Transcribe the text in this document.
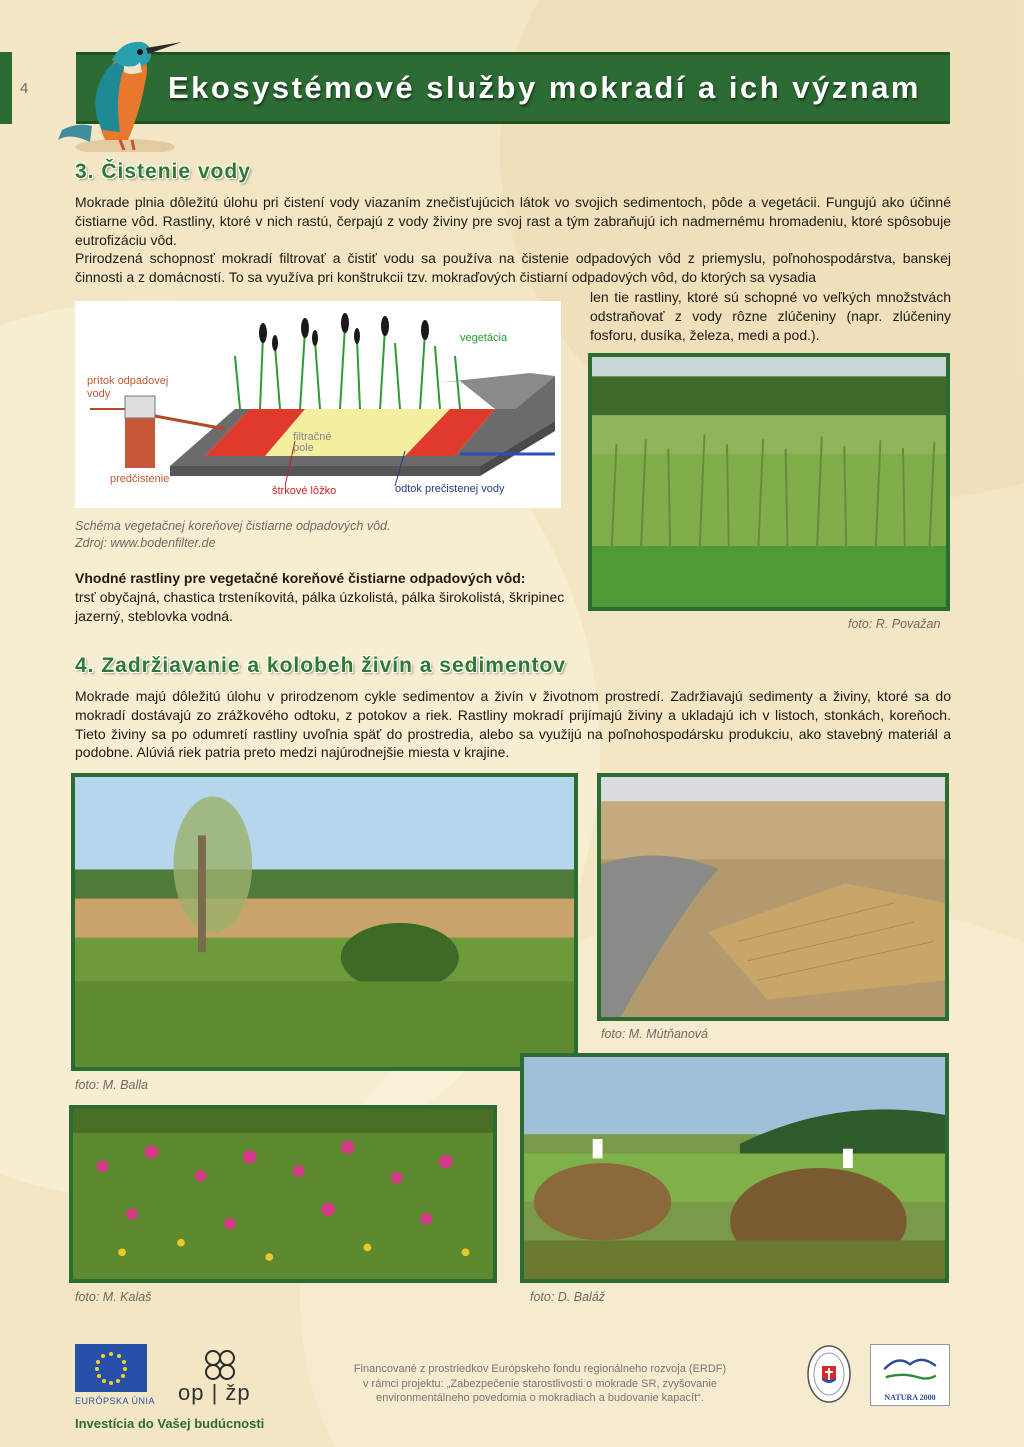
4	Ekosystémové služby mokradí a ich význam
3. Čistenie vody

Mokrade plnia dôležitú úlohu pri čistení vody viazaním znečisťujúcich látok vo svojich sedimentoch, pôde a vegetácii. Fungujú ako účinné čistiarne vôd. Rastliny, ktoré v nich rastú, čerpajú z vody živiny pre svoj rast a tým zabraňujú ich nadmernému hromadeniu, ktoré spôsobuje eutrofizáciu vôd.

Prirodzená schopnosť mokradí filtrovať a čistiť vodu sa používa na čistenie odpadových vôd z priemyslu, poľnohospodárstva, banskej činnosti a z domácností. To sa využíva pri konštrukcii tzv. mokraďových čistiarní odpadových vôd, do ktorých sa vysadia

len tie rastliny, ktoré sú schopné vo veľkých množstvách odstraňovať z vody rôzne zlúčeniny (napr. zlúčeniny fosforu, dusíka, železa, medi a pod.).

prítok odpadovej vody
vegetácia
filtračné pole
predčistenie
štrkové lôžko	odtok prečistenej vody
Schéma vegetačnej koreňovej čistiarne odpadových vôd.
Zdroj: www.bodenfilter.de

Vhodné rastliny pre vegetačné koreňové čistiarne odpadových vôd:

trsť obyčajná, chastica trsteníkovitá, pálka úzkolistá, pálka širokolistá, škripinec jazerný, steblovka vodná.

foto: R. Považan
4. Zadržiavanie a kolobeh živín a sedimentov

Mokrade majú dôležitú úlohu v prirodzenom cykle sedimentov a živín v životnom prostredí. Zadržiavajú sedimenty a živiny, ktoré sa do mokradí dostávajú zo zrážkového odtoku, z potokov a riek. Rastliny mokradí prijímajú živiny a ukladajú ich v listoch, stonkách, koreňoch. Tieto živiny sa po odumretí rastliny uvoľnia späť do prostredia, alebo sa využijú na poľnohospodársku produkciu, ako stavebný materiál a podobne. Alúviá riek patria preto medzi najúrodnejšie miesta v krajine.

foto: M. Balla
foto: M. Mútňanová
foto: M. Kalaš	foto: D. Baláž
EURÓPSKA ÚNIA op | žp
Investícia do Vašej budúcnosti
Financované z prostriedkov Európskeho fondu regionálneho rozvoja (ERDF)
v rámci projektu: „Zabezpečenie starostlivosti o mokrade SR, zvyšovanie
environmentálneho povedomia o mokradiach a budovanie kapacít“.	NATURA 2000
